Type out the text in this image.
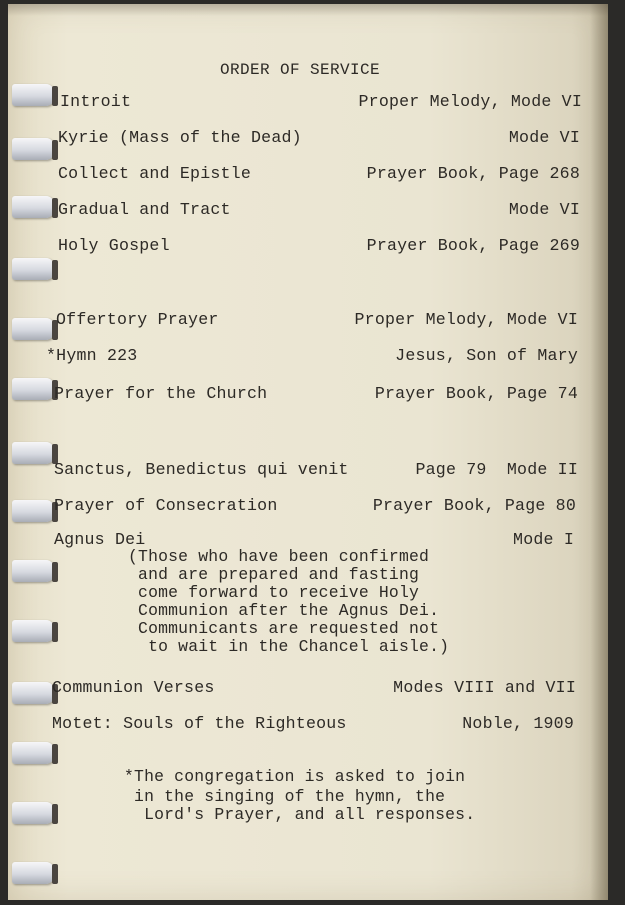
ORDER OF SERVICE
Introit
Kyrie (Mass of the Dead)
Collect and Epistle
Gradual and Tract
Holy Gospel
Offertory Prayer
*Hymn 223
Prayer for the Church
Sanctus, Benedictus qui venit
Prayer of Consecration
Agnus Dei
Communion Verses
Motet: Souls of the Righteous
Proper Melody, Mode VI
Mode VI
Prayer Book, Page 268
Mode VI
Prayer Book, Page 269
Proper Melody, Mode VI
Jesus, Son of Mary
Prayer Book, Page 74
Page 79  Mode II
Prayer Book, Page 80
Mode I
Modes VIII and VII
Noble, 1909
(Those who have been confirmed
and are prepared and fasting
come forward to receive Holy
Communion after the Agnus Dei.
Communicants are requested not
to wait in the Chancel aisle.)
*The congregation is asked to join
in the singing of the hymn, the
Lord's Prayer, and all responses.
